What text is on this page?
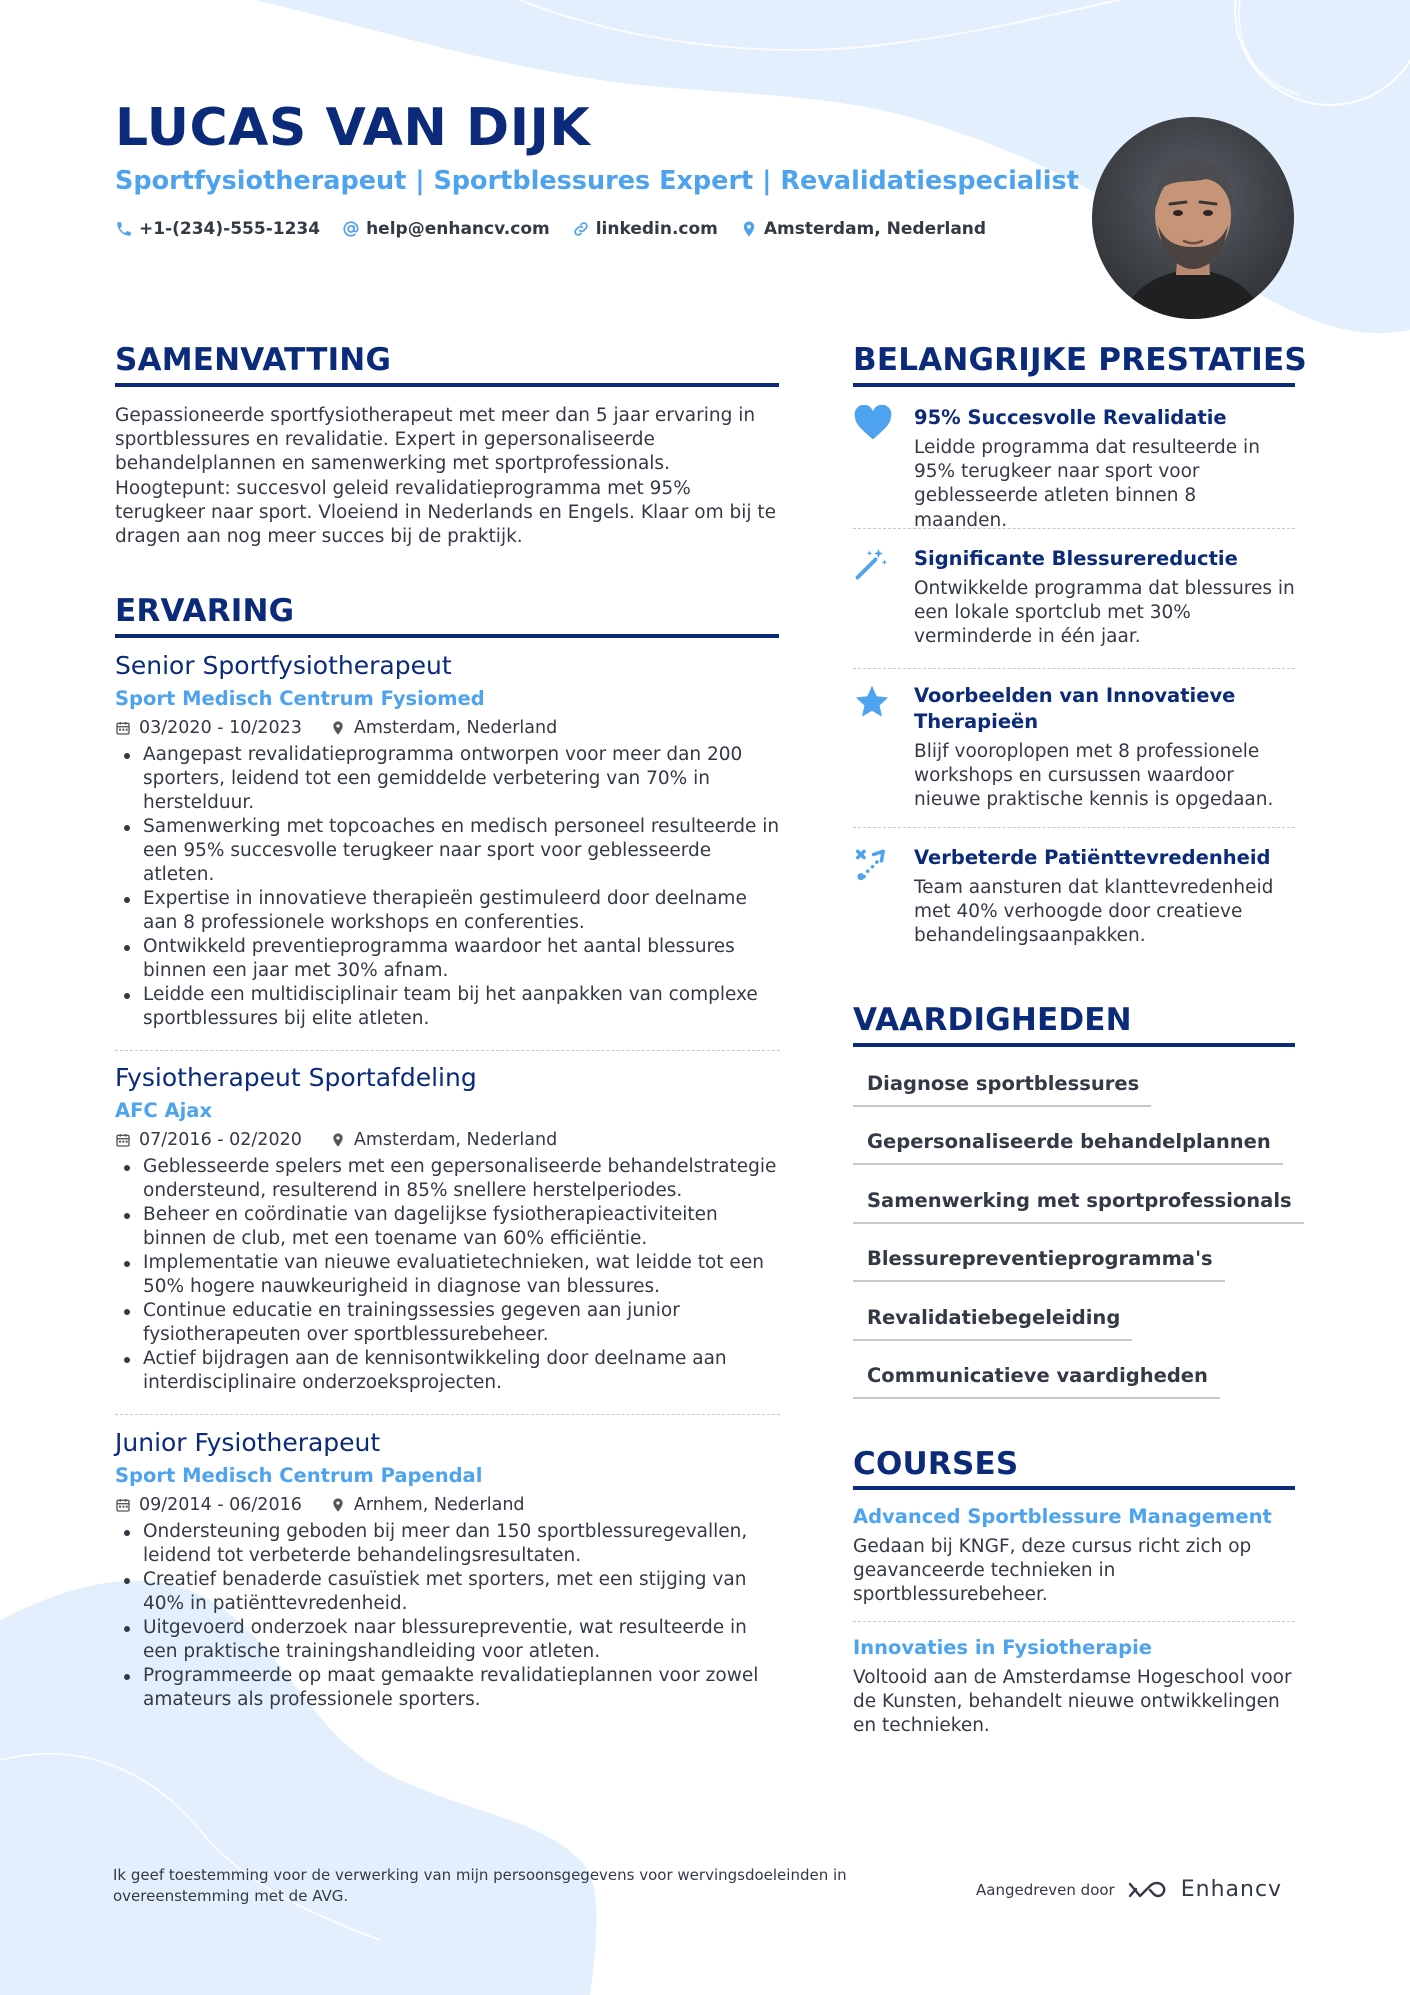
LUCAS VAN DIJK
Sportfysiotherapeut | Sportblessures Expert | Revalidatiespecialist
+1-(234)-555-1234	help@enhancv.com	linkedin.com	Amsterdam, Nederland
SAMENVATTING
Gepassioneerde sportfysiotherapeut met meer dan 5 jaar ervaring in sportblessures en revalidatie. Expert in gepersonaliseerde behandelplannen en samenwerking met sportprofessionals. Hoogtepunt: succesvol geleid revalidatieprogramma met 95% terugkeer naar sport. Vloeiend in Nederlands en Engels. Klaar om bij te dragen aan nog meer succes bij de praktijk.
ERVARING
Senior Sportfysiotherapeut
Sport Medisch Centrum Fysiomed
03/2020 - 10/2023	Amsterdam, Nederland
Aangepast revalidatieprogramma ontworpen voor meer dan 200 sporters, leidend tot een gemiddelde verbetering van 70% in herstelduur.
Samenwerking met topcoaches en medisch personeel resulteerde in een 95% succesvolle terugkeer naar sport voor geblesseerde atleten.
Expertise in innovatieve therapieën gestimuleerd door deelname aan 8 professionele workshops en conferenties.
Ontwikkeld preventieprogramma waardoor het aantal blessures binnen een jaar met 30% afnam.
Leidde een multidisciplinair team bij het aanpakken van complexe sportblessures bij elite atleten.
Fysiotherapeut Sportafdeling
AFC Ajax
07/2016 - 02/2020	Amsterdam, Nederland
Geblesseerde spelers met een gepersonaliseerde behandelstrategie ondersteund, resulterend in 85% snellere herstelperiodes.
Beheer en coördinatie van dagelijkse fysiotherapieactiviteiten binnen de club, met een toename van 60% efficiëntie.
Implementatie van nieuwe evaluatietechnieken, wat leidde tot een 50% hogere nauwkeurigheid in diagnose van blessures.
Continue educatie en trainingssessies gegeven aan junior fysiotherapeuten over sportblessurebeheer.
Actief bijdragen aan de kennisontwikkeling door deelname aan interdisciplinaire onderzoeksprojecten.
Junior Fysiotherapeut
Sport Medisch Centrum Papendal
09/2014 - 06/2016	Arnhem, Nederland
Ondersteuning geboden bij meer dan 150 sportblessuregevallen, leidend tot verbeterde behandelingsresultaten.
Creatief benaderde casuïstiek met sporters, met een stijging van 40% in patiënttevredenheid.
Uitgevoerd onderzoek naar blessurepreventie, wat resulteerde in een praktische trainingshandleiding voor atleten.
Programmeerde op maat gemaakte revalidatieplannen voor zowel amateurs als professionele sporters.
BELANGRIJKE PRESTATIES
95% Succesvolle Revalidatie
Leidde programma dat resulteerde in 95% terugkeer naar sport voor geblesseerde atleten binnen 8 maanden.
Significante Blessurereductie
Ontwikkelde programma dat blessures in een lokale sportclub met 30% verminderde in één jaar.
Voorbeelden van Innovatieve Therapieën
Blijf vooroplopen met 8 professionele workshops en cursussen waardoor nieuwe praktische kennis is opgedaan.
Verbeterde Patiënttevredenheid
Team aansturen dat klanttevredenheid met 40% verhoogde door creatieve behandelingsaanpakken.
VAARDIGHEDEN
Diagnose sportblessures
Gepersonaliseerde behandelplannen
Samenwerking met sportprofessionals
Blessurepreventieprogramma's
Revalidatiebegeleiding
Communicatieve vaardigheden
COURSES
Advanced Sportblessure Management
Gedaan bij KNGF, deze cursus richt zich op geavanceerde technieken in sportblessurebeheer.
Innovaties in Fysiotherapie
Voltooid aan de Amsterdamse Hogeschool voor de Kunsten, behandelt nieuwe ontwikkelingen en technieken.
Ik geef toestemming voor de verwerking van mijn persoonsgegevens voor wervingsdoeleinden in overeenstemming met de AVG.	Aangedreven door	Enhancv
